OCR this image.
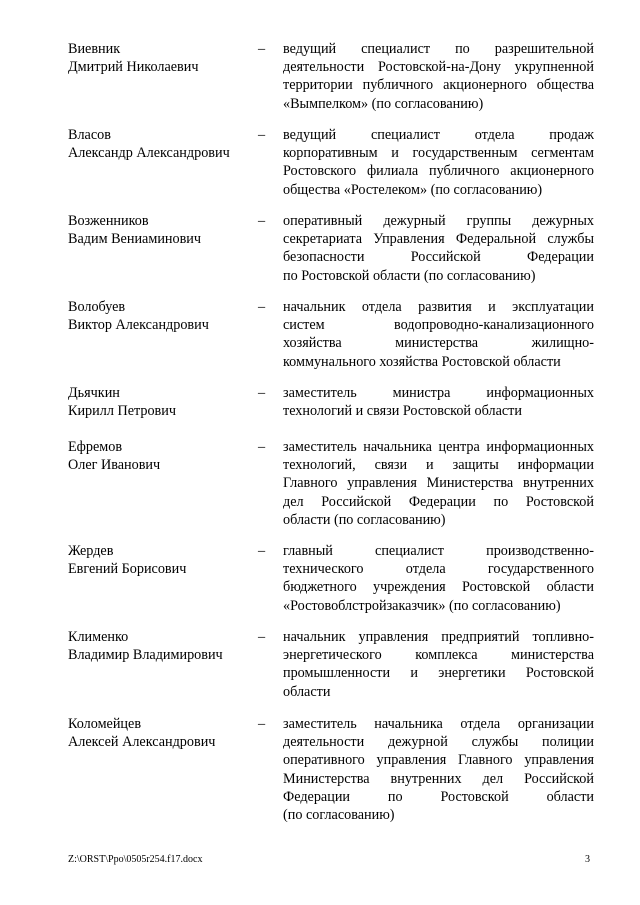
Виевник
Дмитрий Николаевич
– ведущий специалист по разрешительной
деятельности Ростовской-на-Дону укрупненной
территории публичного акционерного общества
«Вымпелком» (по согласованию)
Власов
Александр Александрович
– ведущий специалист отдела продаж
корпоративным и государственным сегментам
Ростовского филиала публичного акционерного
общества «Ростелеком» (по согласованию)
Возженников
Вадим Вениаминович
– оперативный дежурный группы дежурных
секретариата Управления Федеральной службы
безопасности Российской Федерации
по Ростовской области (по согласованию)
Волобуев
Виктор Александрович
– начальник отдела развития и эксплуатации
систем водопроводно-канализационного
хозяйства министерства жилищно-
коммунального хозяйства Ростовской области
Дьячкин
Кирилл Петрович
– заместитель министра информационных
технологий и связи Ростовской области
Ефремов
Олег Иванович
– заместитель начальника центра информационных
технологий, связи и защиты информации
Главного управления Министерства внутренних
дел Российской Федерации по Ростовской
области (по согласованию)
Жердев
Евгений Борисович
– главный специалист производственно-
технического отдела государственного
бюджетного учреждения Ростовской области
«Ростовоблстройзаказчик» (по согласованию)
Клименко
Владимир Владимирович
– начальник управления предприятий топливно-
энергетического комплекса министерства
промышленности и энергетики Ростовской
области
Коломейцев
Алексей Александрович
– заместитель начальника отдела организации
деятельности дежурной службы полиции
оперативного управления Главного управления
Министерства внутренних дел Российской
Федерации по Ростовской области
(по согласованию)
Z:\ORST\Ppo\0505r254.f17.docx	3
